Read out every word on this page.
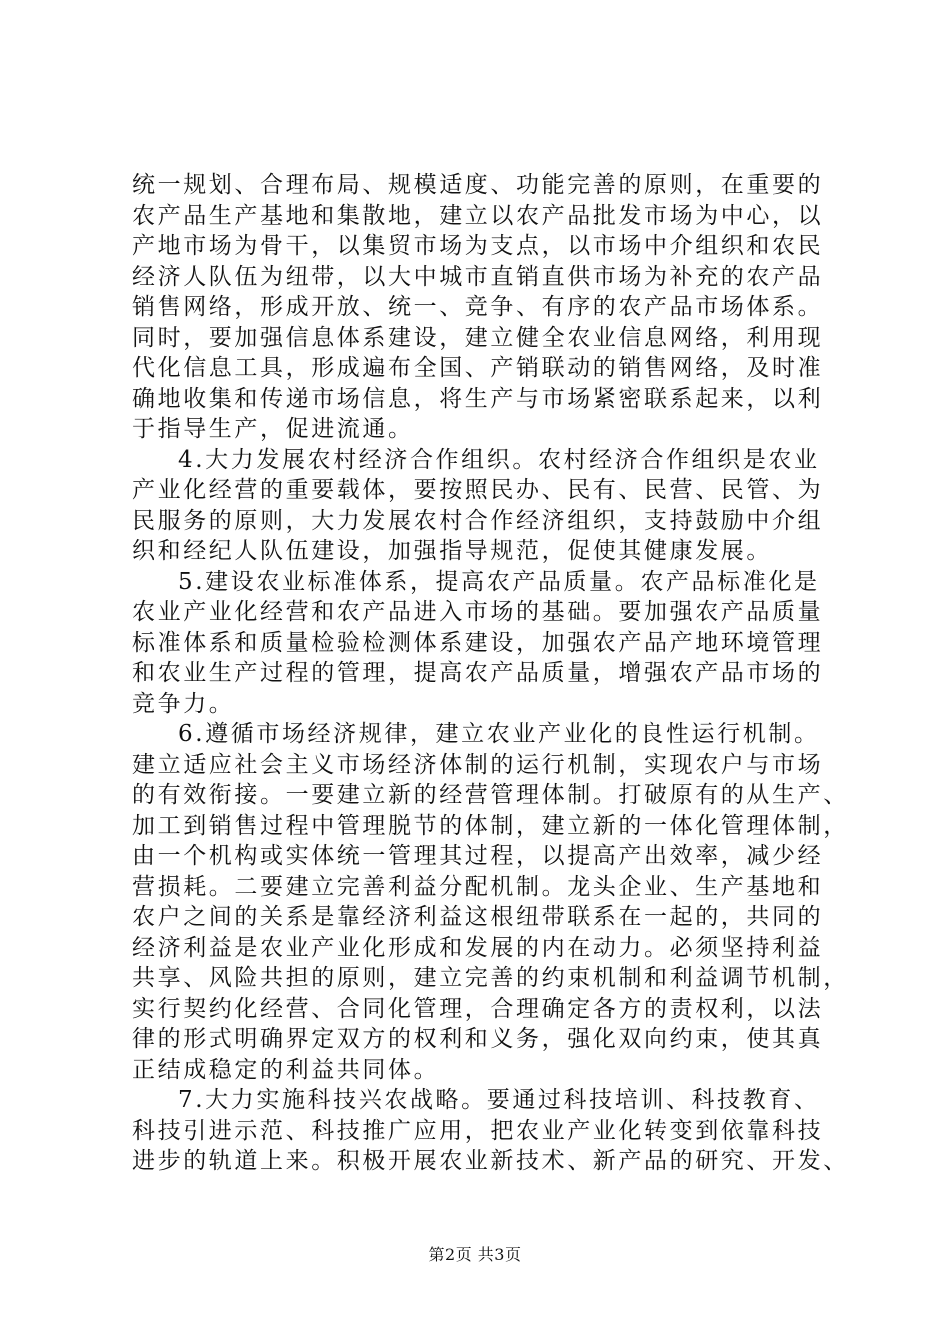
统一规划、合理布局、规模适度、功能完善的原则，在重要的
农产品生产基地和集散地，建立以农产品批发市场为中心，以
产地市场为骨干，以集贸市场为支点，以市场中介组织和农民
经济人队伍为纽带，以大中城市直销直供市场为补充的农产品
销售网络，形成开放、统一、竞争、有序的农产品市场体系。
同时，要加强信息体系建设，建立健全农业信息网络，利用现
代化信息工具，形成遍布全国、产销联动的销售网络，及时准
确地收集和传递市场信息，将生产与市场紧密联系起来，以利
于指导生产，促进流通。
4.大力发展农村经济合作组织。农村经济合作组织是农业
产业化经营的重要载体，要按照民办、民有、民营、民管、为
民服务的原则，大力发展农村合作经济组织，支持鼓励中介组
织和经纪人队伍建设，加强指导规范，促使其健康发展。
5.建设农业标准体系，提高农产品质量。农产品标准化是
农业产业化经营和农产品进入市场的基础。要加强农产品质量
标准体系和质量检验检测体系建设，加强农产品产地环境管理
和农业生产过程的管理，提高农产品质量，增强农产品市场的
竞争力。
6.遵循市场经济规律，建立农业产业化的良性运行机制。
建立适应社会主义市场经济体制的运行机制，实现农户与市场
的有效衔接。一要建立新的经营管理体制。打破原有的从生产、
加工到销售过程中管理脱节的体制，建立新的一体化管理体制，
由一个机构或实体统一管理其过程，以提高产出效率，减少经
营损耗。二要建立完善利益分配机制。龙头企业、生产基地和
农户之间的关系是靠经济利益这根纽带联系在一起的，共同的
经济利益是农业产业化形成和发展的内在动力。必须坚持利益
共享、风险共担的原则，建立完善的约束机制和利益调节机制，
实行契约化经营、合同化管理，合理确定各方的责权利，以法
律的形式明确界定双方的权利和义务，强化双向约束，使其真
正结成稳定的利益共同体。
7.大力实施科技兴农战略。要通过科技培训、科技教育、
科技引进示范、科技推广应用，把农业产业化转变到依靠科技
进步的轨道上来。积极开展农业新技术、新产品的研究、开发、
第2页 共3页
